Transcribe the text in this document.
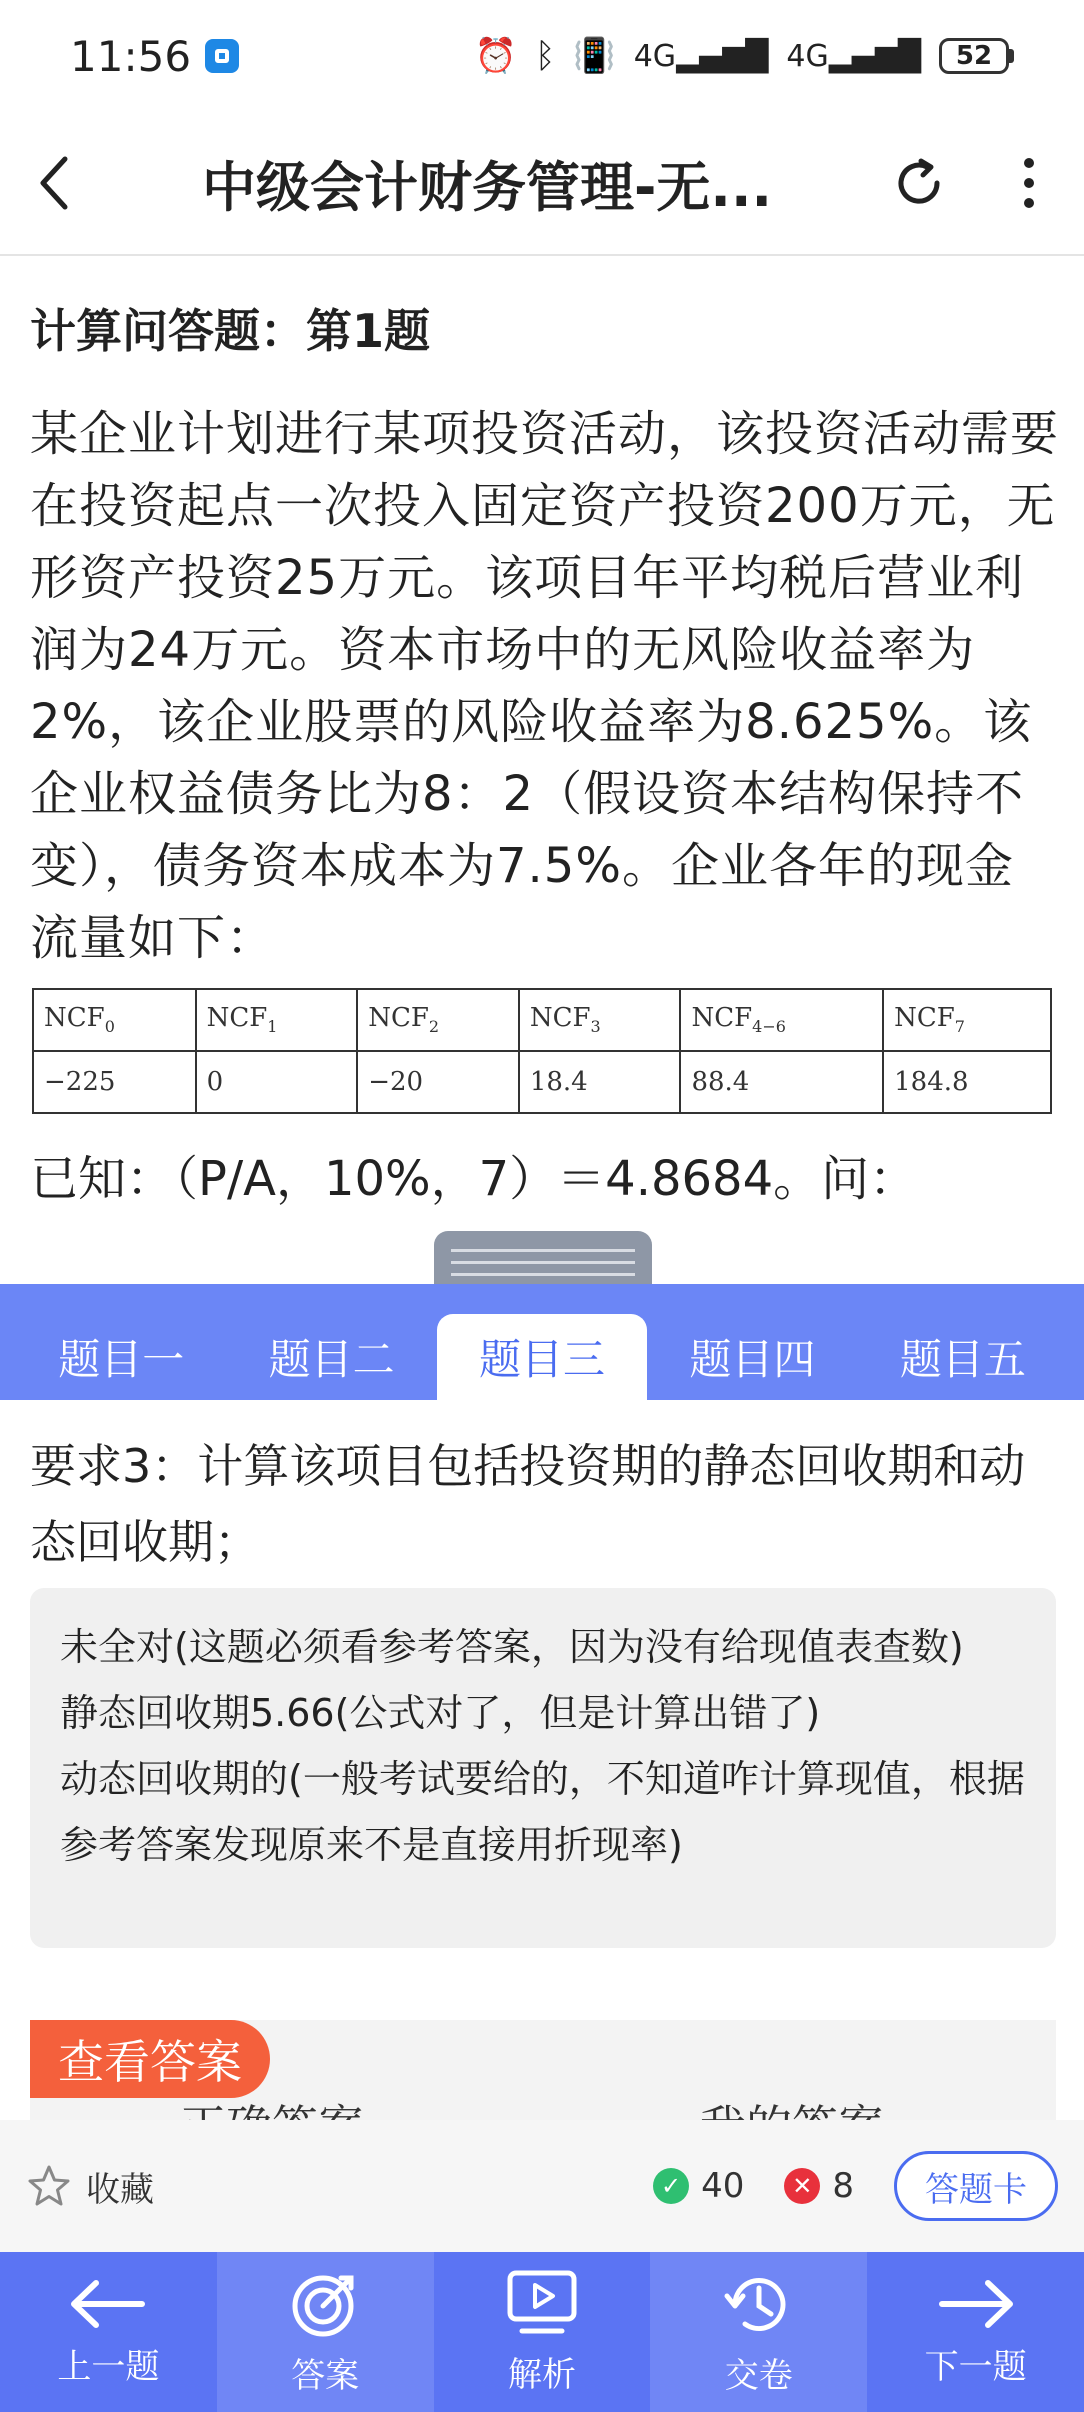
11:56	⏰ ᛒ 📳 4G▂▄▆█ 4G▂▄▆█	52
中级会计财务管理-无...
计算问答题：第1题
某企业计划进行某项投资活动，该投资活动需要在投资起点一次投入固定资产投资200万元，无形资产投资25万元。该项目年平均税后营业利润为24万元。资本市场中的无风险收益率为2%，该企业股票的风险收益率为8.625%。该企业权益债务比为8：2（假设资本结构保持不变），债务资本成本为7.5%。企业各年的现金流量如下：
$NCF_0$	$NCF_1$	$NCF_2$	$NCF_3$	$NCF_{4-6}$	$NCF_7$
−225	0	−20	18.4	88.4	184.8
已知：（P/A，10%，7）＝4.8684。问：
题目一	题目二	题目三	题目四	题目五
要求3：计算该项目包括投资期的静态回收期和动态回收期；
未全对(这题必须看参考答案，因为没有给现值表查数)
静态回收期5.66(公式对了，但是计算出错了)
动态回收期的(一般考试要给的，不知道咋计算现值，根据参考答案发现原来不是直接用折现率)
查看答案
收藏	✓ 40	✕ 8	答题卡
上一题	答案	解析	交卷	下一题
